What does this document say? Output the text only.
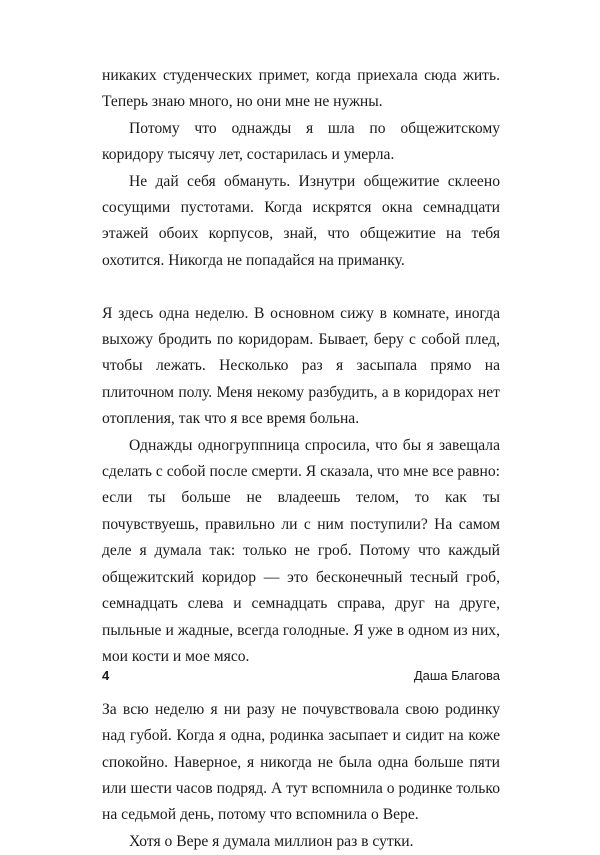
никаких студенческих примет, когда приехала сюда жить. Теперь знаю много, но они мне не нужны.

Потому что однажды я шла по общежитскому коридору тысячу лет, состарилась и умерла.

Не дай себя обмануть. Изнутри общежитие склеено сосущими пустотами. Когда искрятся окна семнадцати этажей обоих корпусов, знай, что общежитие на тебя охотится. Никогда не попадайся на приманку.

Я здесь одна неделю. В основном сижу в комнате, иногда выхожу бродить по коридорам. Бывает, беру с собой плед, чтобы лежать. Несколько раз я засыпала прямо на плиточном полу. Меня некому разбудить, а в коридорах нет отопления, так что я все время больна.

Однажды одногруппница спросила, что бы я завещала сделать с собой после смерти. Я сказала, что мне все равно: если ты больше не владеешь телом, то как ты почувствуешь, правильно ли с ним поступили? На самом деле я думала так: только не гроб. Потому что каждый общежитский коридор — это бесконечный тесный гроб, семнадцать слева и семнадцать справа, друг на друге, пыльные и жадные, всегда голодные. Я уже в одном из них, мои кости и мое мясо.

За всю неделю я ни разу не почувствовала свою родинку над губой. Когда я одна, родинка засыпает и сидит на коже спокойно. Наверное, я никогда не была одна больше пяти или шести часов подряд. А тут вспомнила о родинке только на седьмой день, потому что вспомнила о Вере.

Хотя о Вере я думала миллион раз в сутки.

4	Даша Благова
